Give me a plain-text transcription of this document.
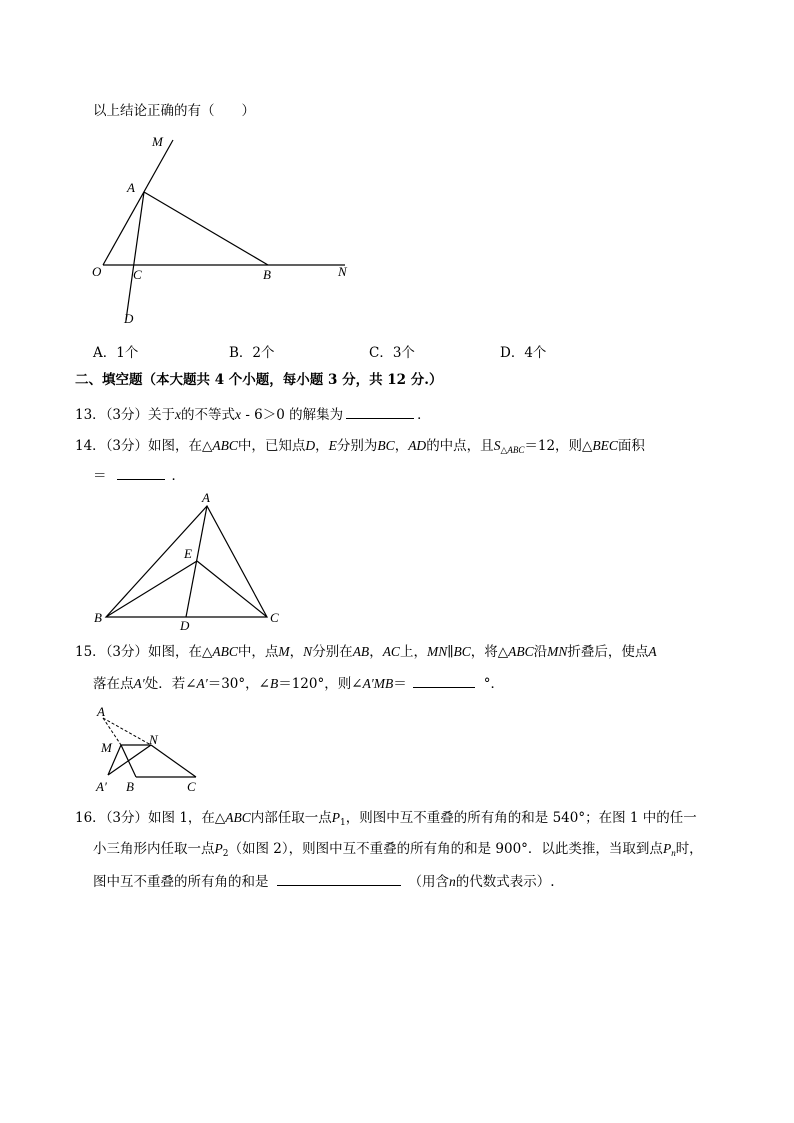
以上结论正确的有（　　）
M
A
O C	B	N
D
A．1个	B．2个	C．3个	D．4个
二、填空题（本大题共 4 个小题，每小题 3 分，共 12 分.）
13．（3分）关于x的不等式x - 6＞0 的解集为	．
14．（3分）如图，在△ABC中，已知点D，E分别为BC，AD的中点，且$S_{\triangle ABC}=12$，则△BEC面积
＝	．
A
E
B
D
C
15．（3分）如图，在△ABC中，点M，N分别在AB，AC上，MN∥BC，将△ABC沿MN折叠后，使点A
落在点A′处．若∠A′＝30°，∠B＝120°，则∠A′MB＝	°．
A
M
N
A′ B	C
16．（3分）如图 1，在△ABC内部任取一点$P_1$，则图中互不重叠的所有角的和是 540°；在图 1 中的任一
小三角形内任取一点$P_2$（如图 2），则图中互不重叠的所有角的和是 900°．以此类推，当取到点$P_n$时，
图中互不重叠的所有角的和是	（用含n的代数式表示）.
